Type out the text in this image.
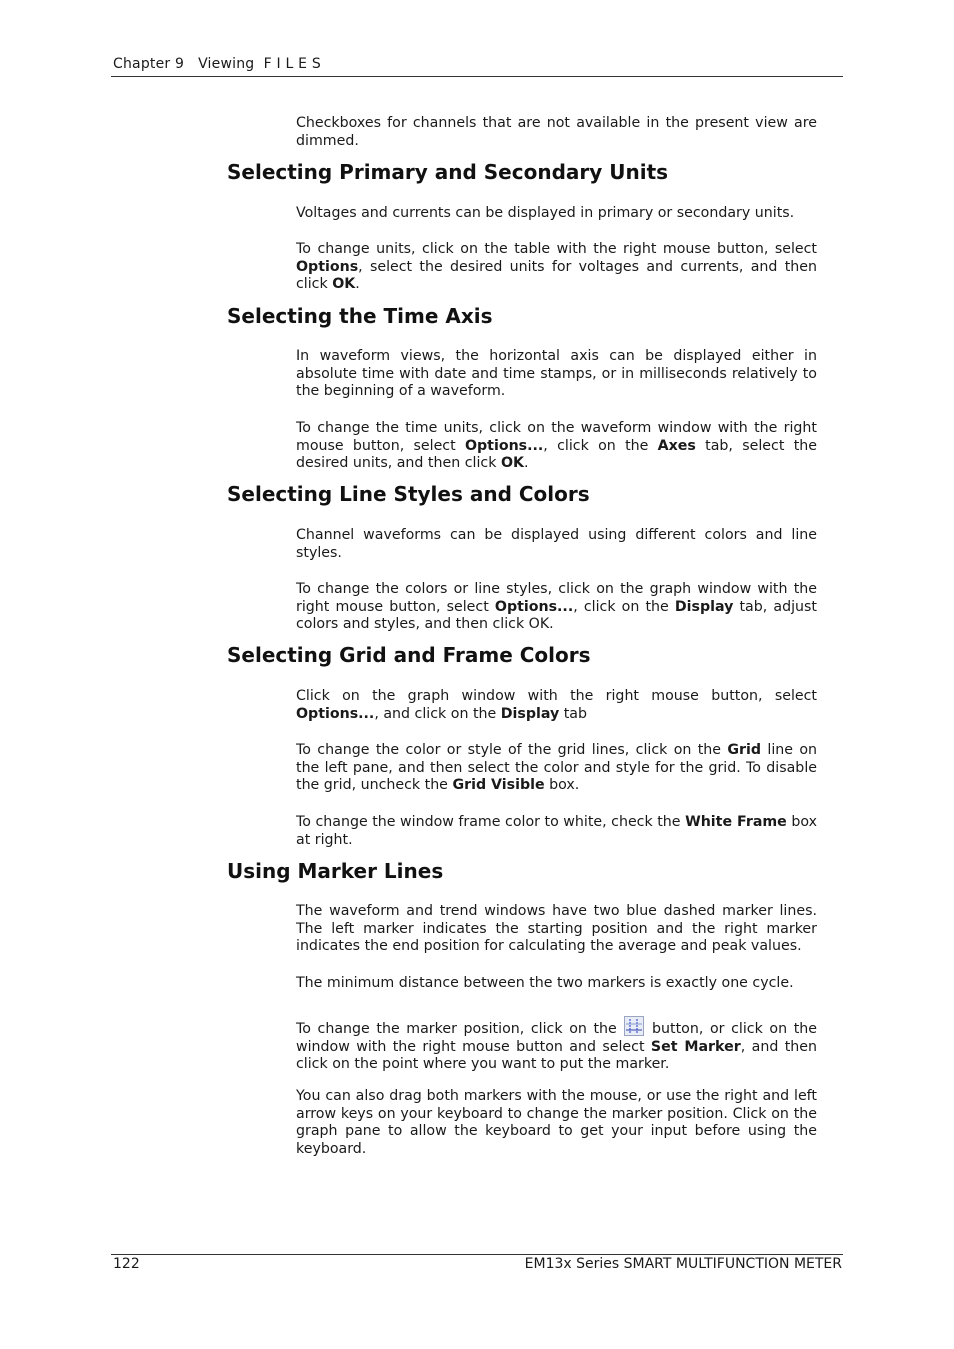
Chapter 9   Viewing  F I L E S

Checkboxes for channels that are not available in the present view are dimmed.

Selecting Primary and Secondary Units

Voltages and currents can be displayed in primary or secondary units.

To change units, click on the table with the right mouse button, select Options, select the desired units for voltages and currents, and then click OK.

Selecting the Time Axis

In waveform views, the horizontal axis can be displayed either in absolute time with date and time stamps, or in milliseconds relatively to the beginning of a waveform.

To change the time units, click on the waveform window with the right mouse button, select Options..., click on the Axes tab, select the desired units, and then click OK.

Selecting Line Styles and Colors

Channel waveforms can be displayed using different colors and line styles.

To change the colors or line styles, click on the graph window with the right mouse button, select Options..., click on the Display tab, adjust colors and styles, and then click OK.

Selecting Grid and Frame Colors

Click on the graph window with the right mouse button, select Options..., and click on the Display tab

To change the color or style of the grid lines, click on the Grid line on the left pane, and then select the color and style for the grid. To disable the grid, uncheck the Grid Visible box.

To change the window frame color to white, check the White Frame box at right.

Using Marker Lines

The waveform and trend windows have two blue dashed marker lines. The left marker indicates the starting position and the right marker indicates the end position for calculating the average and peak values.

The minimum distance between the two markers is exactly one cycle.

To change the marker position, click on the
button, or click on the window with the right mouse button and select Set Marker, and then click on the point where you want to put the marker.

You can also drag both markers with the mouse, or use the right and left arrow keys on your keyboard to change the marker position. Click on the graph pane to allow the keyboard to get your input before using the keyboard.

122	EM13x Series SMART MULTIFUNCTION METER
